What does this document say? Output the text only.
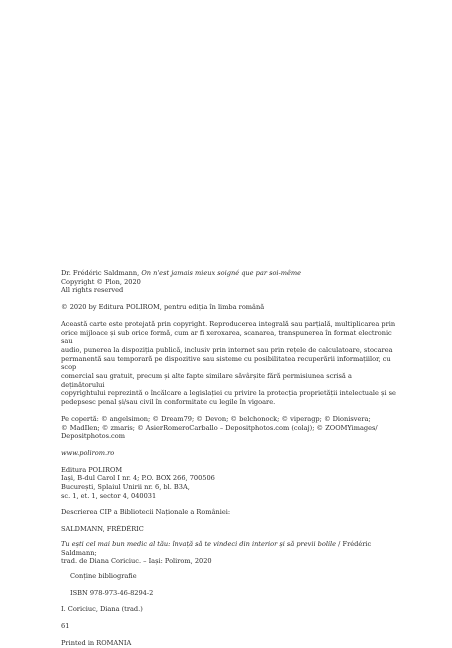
Dr. Frédéric Saldmann, On n'est jamais mieux soigné que par soi-même

Copyright © Plon, 2020

All rights reserved

© 2020 by Editura POLIROM, pentru ediția în limba română

Această carte este protejată prin copyright. Reproducerea integrală sau parțială, multiplicarea prin

orice mijloace și sub orice formă, cum ar fi xeroxarea, scanarea, transpunerea în format electronic sau

audio, punerea la dispoziția publică, inclusiv prin internet sau prin rețele de calculatoare, stocarea

permanentă sau temporară pe dispozitive sau sisteme cu posibilitatea recuperării informațiilor, cu scop

comercial sau gratuit, precum și alte fapte similare săvârșite fără permisiunea scrisă a deținătorului

copyrightului reprezintă o încălcare a legislației cu privire la protecția proprietății intelectuale și se

pedepsesc penal și/sau civil în conformitate cu legile în vigoare.

Pe copertă: © angelsimon; © Dream79; © Devon; © belchonock; © viperagp; © Dionisvera;

© MadIlen; © zmaris; © AsierRomeroCarballo – Depositphotos.com (colaj); © ZOOMYimages/

Depositphotos.com

www.polirom.ro

Editura POLIROM

Iași, B-dul Carol I nr. 4; P.O. BOX 266, 700506

București, Splaiul Unirii nr. 6, bl. B3A,

sc. 1, et. 1, sector 4, 040031

Descrierea CIP a Bibliotecii Naționale a României:

SALDMANN, FRÉDÉRIC

Tu ești cel mai bun medic al tău: învață să te vindeci din interior și să previi bolile / Frédéric Saldmann;

trad. de Diana Coriciuc. – Iași: Polirom, 2020

Conține bibliografie

ISBN 978-973-46-8294-2

I. Coriciuc, Diana (trad.)

61

Printed in ROMANIA
